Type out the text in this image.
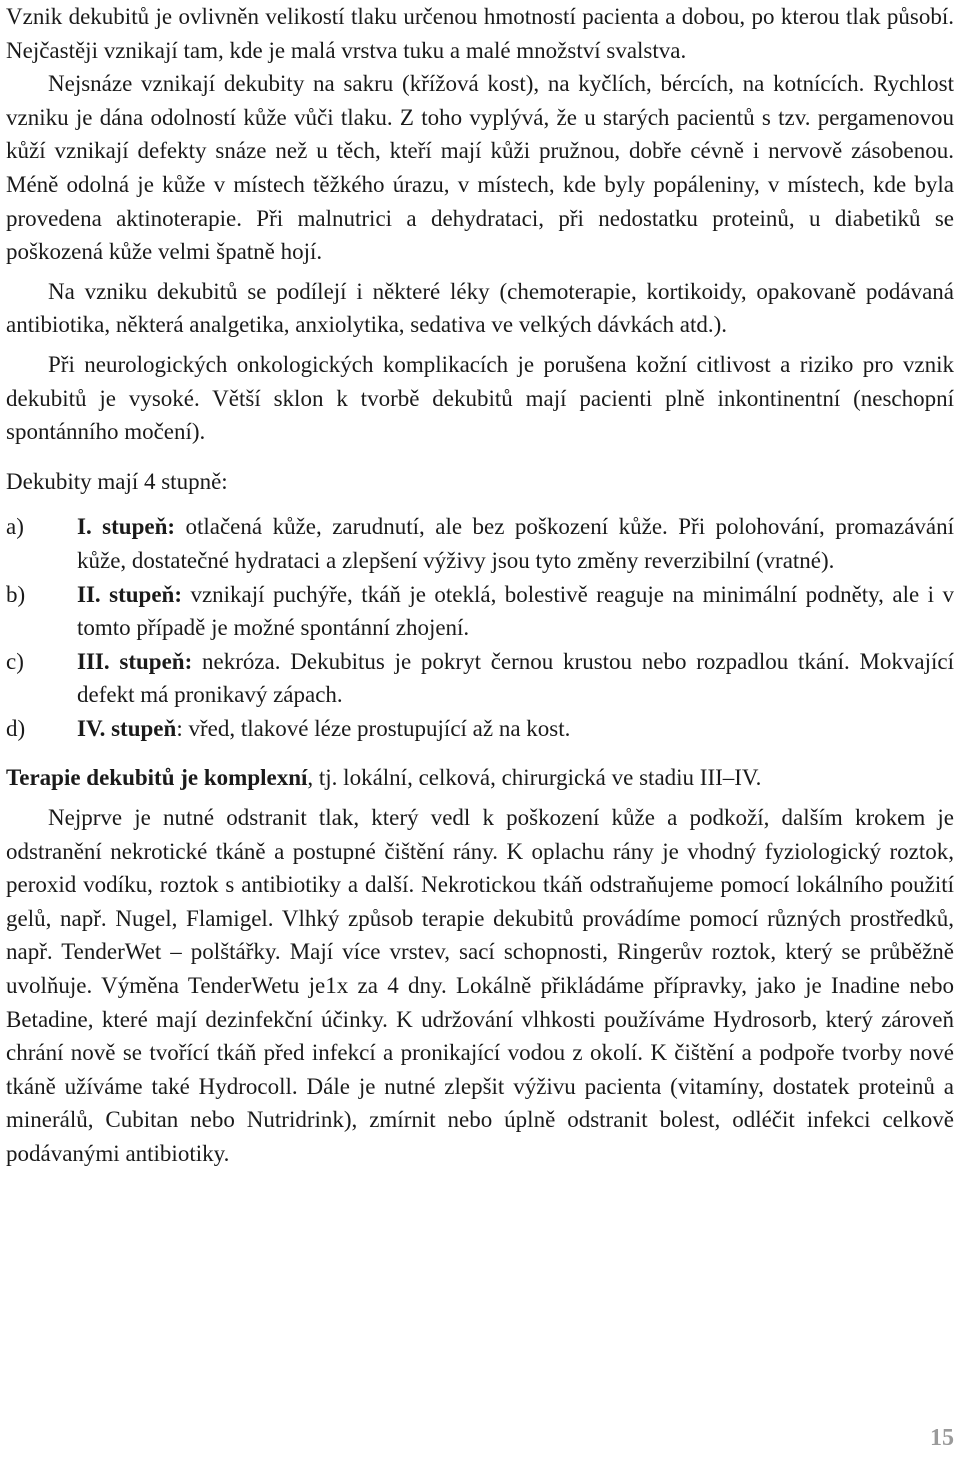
Vznik dekubitů je ovlivněn velikostí tlaku určenou hmotností pacienta a dobou, po kterou tlak působí. Nejčastěji vznikají tam, kde je malá vrstva tuku a malé množství svalstva.

Nejsnáze vznikají dekubity na sakru (křížová kost), na kyčlích, bércích, na kotnících. Rychlost vzniku je dána odolností kůže vůči tlaku. Z toho vyplývá, že u starých pacientů s tzv. pergamenovou kůží vznikají defekty snáze než u těch, kteří mají kůži pružnou, dobře cévně i nervově zásobenou. Méně odolná je kůže v místech těžkého úrazu, v místech, kde byly popáleniny, v místech, kde byla provedena aktinoterapie. Při malnutrici a dehydrataci, při nedostatku proteinů, u diabetiků se poškozená kůže velmi špatně hojí.

Na vzniku dekubitů se podílejí i některé léky (chemoterapie, kortikoidy, opakovaně podávaná antibiotika, některá analgetika, anxiolytika, sedativa ve velkých dávkách atd.).

Při neurologických onkologických komplikacích je porušena kožní citlivost a riziko pro vznik dekubitů je vysoké. Větší sklon k tvorbě dekubitů mají pacienti plně inkontinentní (neschopní spontánního močení).

Dekubity mají 4 stupně:

a)	I. stupeň: otlačená kůže, zarudnutí, ale bez poškození kůže. Při polohování, promazávání kůže, dostatečné hydrataci a zlepšení výživy jsou tyto změny reverzibilní (vratné).
b)	II. stupeň: vznikají puchýře, tkáň je oteklá, bolestivě reaguje na minimální podněty, ale i v tomto případě je možné spontánní zhojení.
c)	III. stupeň: nekróza. Dekubitus je pokryt černou krustou nebo rozpadlou tkání. Mokvající defekt má pronikavý zápach.
d)	IV. stupeň: vřed, tlakové léze prostupující až na kost.

Terapie dekubitů je komplexní, tj. lokální, celková, chirurgická ve stadiu III–IV.

Nejprve je nutné odstranit tlak, který vedl k poškození kůže a podkoží, dalším krokem je odstranění nekrotické tkáně a postupné čištění rány. K oplachu rány je vhodný fyziologický roztok, peroxid vodíku, roztok s antibiotiky a další. Nekrotickou tkáň odstraňujeme pomocí lokálního použití gelů, např. Nugel, Flamigel. Vlhký způsob terapie dekubitů provádíme pomocí různých prostředků, např. TenderWet – polštářky. Mají více vrstev, sací schopnosti, Ringerův roztok, který se průběžně uvolňuje. Výměna TenderWetu je1x za 4 dny. Lokálně přikládáme přípravky, jako je Inadine nebo Betadine, které mají dezinfekční účinky. K udržování vlhkosti používáme Hydrosorb, který zároveň chrání nově se tvořící tkáň před infekcí a pronikající vodou z okolí. K čištění a podpoře tvorby nové tkáně užíváme také Hydrocoll. Dále je nutné zlepšit výživu pacienta (vitamíny, dostatek proteinů a minerálů, Cubitan nebo Nutridrink), zmírnit nebo úplně odstranit bolest, odléčit infekci celkově podávanými antibiotiky.

15
